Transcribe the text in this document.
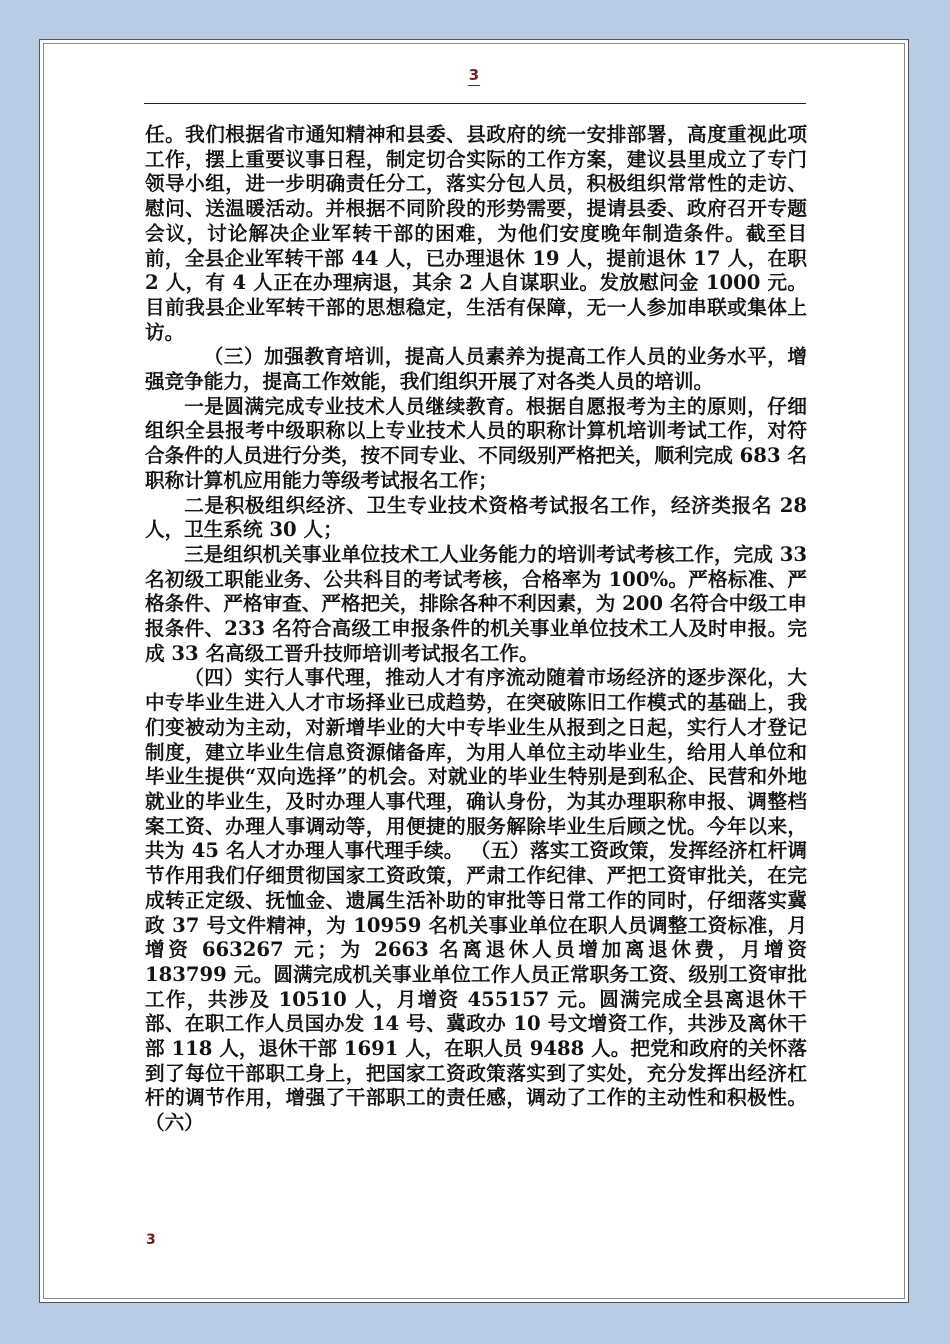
3

任。我们根据省市通知精神和县委、县政府的统一安排部署，高度重视此项工作，摆上重要议事日程，制定切合实际的工作方案，建议县里成立了专门领导小组，进一步明确责任分工，落实分包人员，积极组织常常性的走访、慰问、送温暖活动。并根据不同阶段的形势需要，提请县委、政府召开专题会议，讨论解决企业军转干部的困难，为他们安度晚年制造条件。截至目前，全县企业军转干部 44 人，已办理退休 19 人，提前退休 17 人，在职 2 人，有 4 人正在办理病退，其余 2 人自谋职业。发放慰问金 1000 元。目前我县企业军转干部的思想稳定，生活有保障，无一人参加串联或集体上访。

（三）加强教育培训，提高人员素养为提高工作人员的业务水平，增强竞争能力，提高工作效能，我们组织开展了对各类人员的培训。

一是圆满完成专业技术人员继续教育。根据自愿报考为主的原则，仔细组织全县报考中级职称以上专业技术人员的职称计算机培训考试工作，对符合条件的人员进行分类，按不同专业、不同级别严格把关，顺利完成 683 名职称计算机应用能力等级考试报名工作；

二是积极组织经济、卫生专业技术资格考试报名工作，经济类报名 28 人，卫生系统 30 人；

三是组织机关事业单位技术工人业务能力的培训考试考核工作，完成 33 名初级工职能业务、公共科目的考试考核，合格率为 100%。严格标准、严格条件、严格审查、严格把关，排除各种不利因素，为 200 名符合中级工申报条件、233 名符合高级工申报条件的机关事业单位技术工人及时申报。完成 33 名高级工晋升技师培训考试报名工作。

（四）实行人事代理，推动人才有序流动随着市场经济的逐步深化，大中专毕业生进入人才市场择业已成趋势，在突破陈旧工作模式的基础上，我们变被动为主动，对新增毕业的大中专毕业生从报到之日起，实行人才登记制度，建立毕业生信息资源储备库，为用人单位主动毕业生，给用人单位和毕业生提供“双向选择”的机会。对就业的毕业生特别是到私企、民营和外地就业的毕业生，及时办理人事代理，确认身份，为其办理职称申报、调整档案工资、办理人事调动等，用便捷的服务解除毕业生后顾之忧。今年以来，共为 45 名人才办理人事代理手续。 （五）落实工资政策，发挥经济杠杆调节作用我们仔细贯彻国家工资政策，严肃工作纪律、严把工资审批关，在完成转正定级、抚恤金、遗属生活补助的审批等日常工作的同时，仔细落实冀政 37 号文件精神，为 10959 名机关事业单位在职人员调整工资标准，月增资 663267 元；为 2663 名离退休人员增加离退休费，月增资 183799 元。圆满完成机关事业单位工作人员正常职务工资、级别工资审批工作，共涉及 10510 人，月增资 455157 元。圆满完成全县离退休干部、在职工作人员国办发 14 号、冀政办 10 号文增资工作，共涉及离休干部 118 人，退休干部 1691 人，在职人员 9488 人。把党和政府的关怀落到了每位干部职工身上，把国家工资政策落实到了实处，充分发挥出经济杠杆的调节作用，增强了干部职工的责任感，调动了工作的主动性和积极性。 （六）

3
